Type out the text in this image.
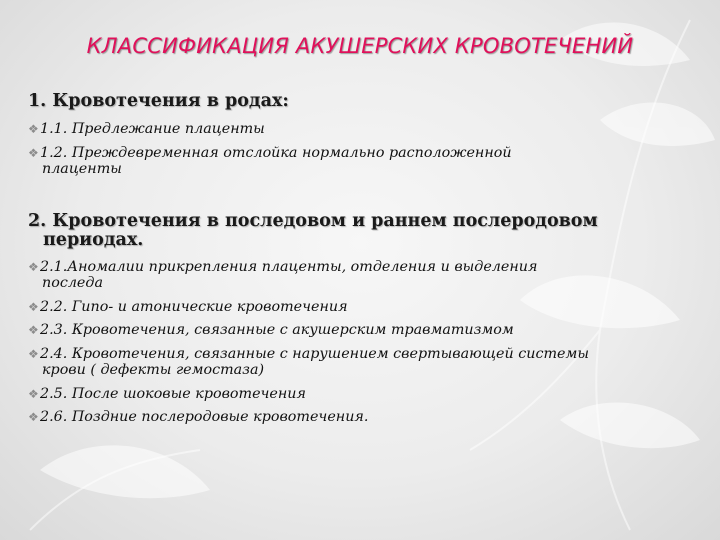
КЛАССИФИКАЦИЯ АКУШЕРСКИХ КРОВОТЕЧЕНИЙ
1. Кровотечения в родах:
❖ 1.1. Предлежание плаценты
❖ 1.2. Преждевременная отслойка нормально расположенной
плаценты
2. Кровотечения в последовом и раннем послеродовом
периодах.
❖ 2.1.Аномалии прикрепления плаценты, отделения и выделения
последа
❖ 2.2. Гипо- и атонические кровотечения
❖ 2.3. Кровотечения, связанные с акушерским травматизмом
❖ 2.4. Кровотечения, связанные с нарушением свертывающей системы
крови ( дефекты гемостаза)
❖ 2.5. После шоковые кровотечения
❖ 2.6. Поздние послеродовые кровотечения.
